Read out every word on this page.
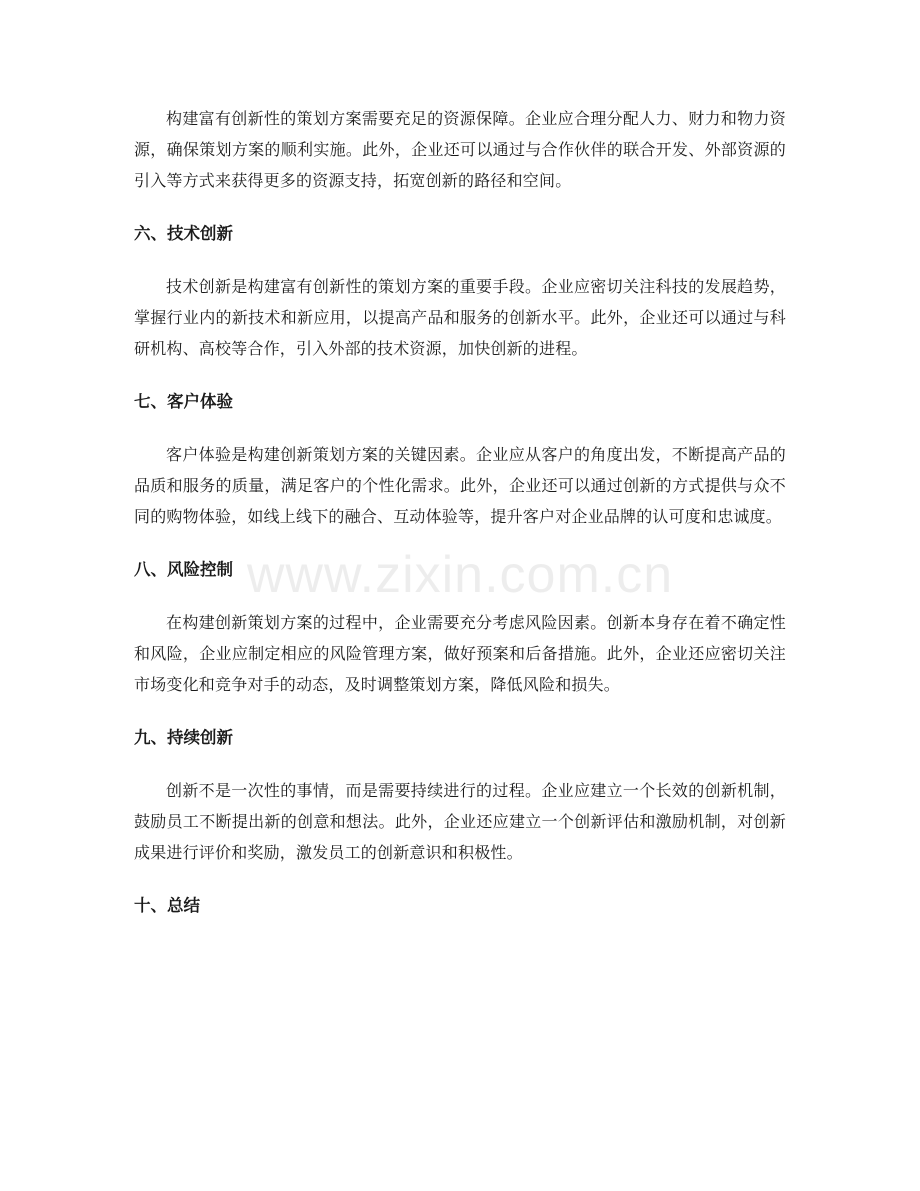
构建富有创新性的策划方案需要充足的资源保障。企业应合理分配人力、财力和物力资源，确保策划方案的顺利实施。此外，企业还可以通过与合作伙伴的联合开发、外部资源的引入等方式来获得更多的资源支持，拓宽创新的路径和空间。

六、技术创新

技术创新是构建富有创新性的策划方案的重要手段。企业应密切关注科技的发展趋势，掌握行业内的新技术和新应用，以提高产品和服务的创新水平。此外，企业还可以通过与科研机构、高校等合作，引入外部的技术资源，加快创新的进程。

七、客户体验

客户体验是构建创新策划方案的关键因素。企业应从客户的角度出发，不断提高产品的品质和服务的质量，满足客户的个性化需求。此外，企业还可以通过创新的方式提供与众不同的购物体验，如线上线下的融合、互动体验等，提升客户对企业品牌的认可度和忠诚度。

八、风险控制

在构建创新策划方案的过程中，企业需要充分考虑风险因素。创新本身存在着不确定性和风险，企业应制定相应的风险管理方案，做好预案和后备措施。此外，企业还应密切关注市场变化和竞争对手的动态，及时调整策划方案，降低风险和损失。

九、持续创新

创新不是一次性的事情，而是需要持续进行的过程。企业应建立一个长效的创新机制，鼓励员工不断提出新的创意和想法。此外，企业还应建立一个创新评估和激励机制，对创新成果进行评价和奖励，激发员工的创新意识和积极性。

十、总结
www.zixin.com.cn
